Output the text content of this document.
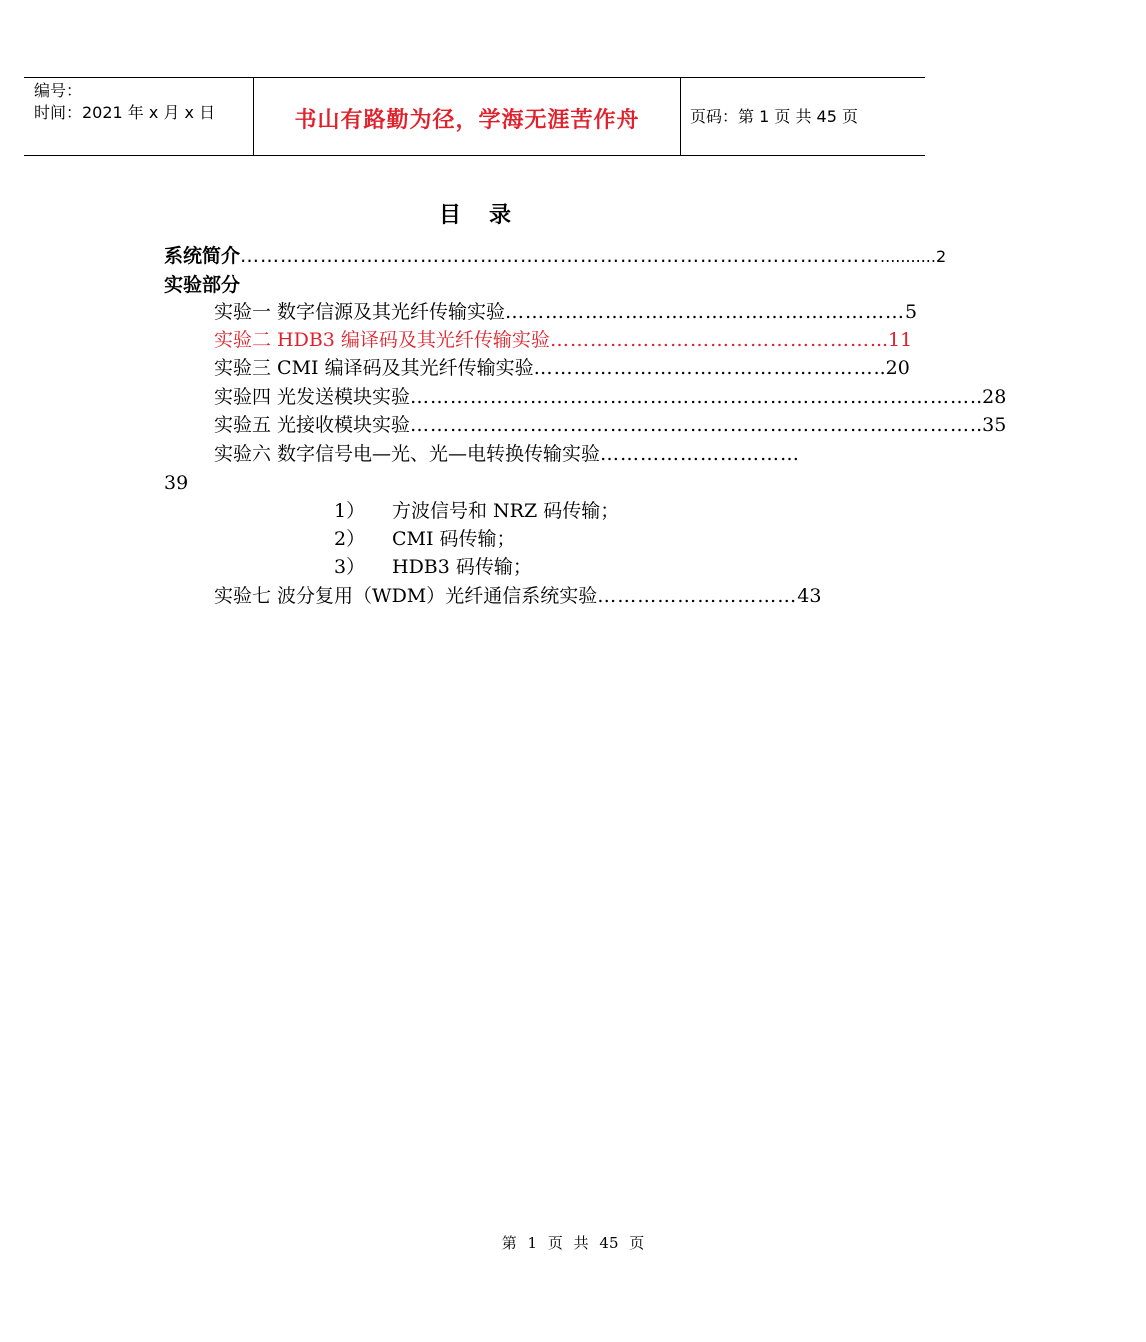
编号：
时间：2021 年 x 月 x 日	书山有路勤为径，学海无涯苦作舟	页码：第 1 页 共 45 页
目录
系统简介 …………………………………………………………………………………… ...........2
实验部分
实验一 数字信源及其光纤传输实验 …………………………………………………… 5
实验二 HDB3 编译码及其光纤传输实验 ………………………………………… ...11
实验三 CMI 编译码及其光纤传输实验 …………………………………………… ..20
实验四 光发送模块实验 ………………………………………………………………………… ..28
实验五 光接收模块实验 ………………………………………………………………………… ..35
实验六 数字信号电—光、光—电转换传输实验 …………………………
39
1） 方波信号和 NRZ 码传输；
2） CMI 码传输；
3） HDB3 码传输；
实验七 波分复用（WDM）光纤通信系统实验 ………………………… 43
第 1 页 共 45 页
